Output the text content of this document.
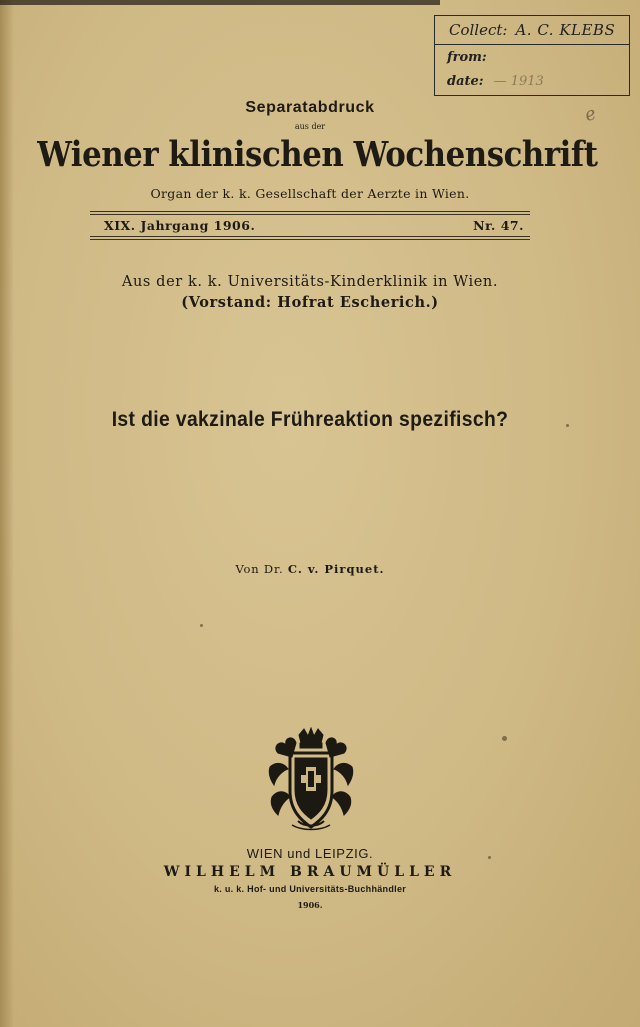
Collect: A. C. KLEBS
from:
date: — 1913
ℯ
Separatabdruck
aus der
Wiener klinischen Wochenschrift
Organ der k. k. Gesellschaft der Aerzte in Wien.
XIX. Jahrgang 1906.	Nr. 47.
Aus der k. k. Universitäts-Kinderklinik in Wien.
(Vorstand: Hofrat Escherich.)
Ist die vakzinale Frühreaktion spezifisch?
Von Dr. C. v. Pirquet.
WIEN und LEIPZIG.
WILHELM BRAUMÜLLER
k. u. k. Hof- und Universitäts-Buchhändler
1906.
